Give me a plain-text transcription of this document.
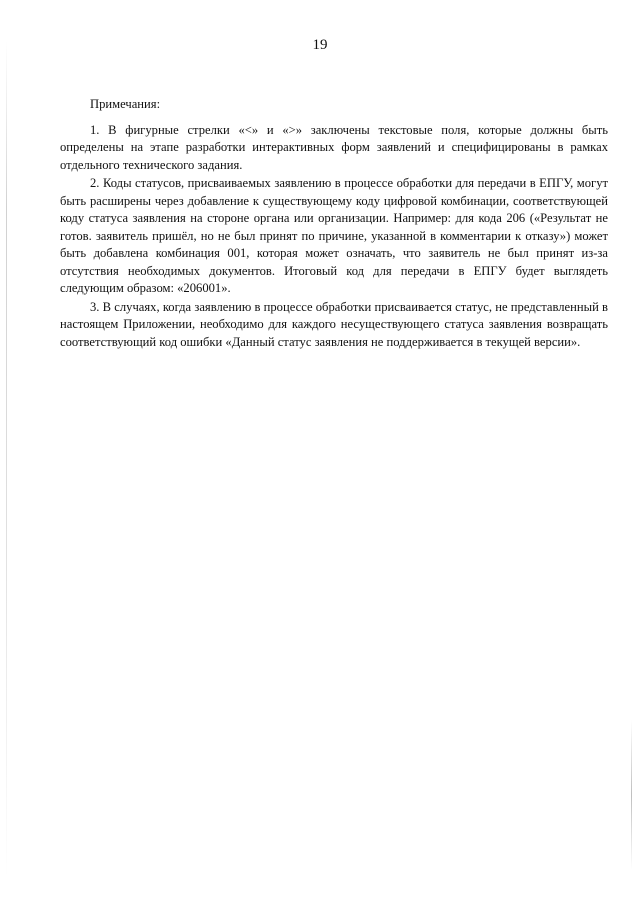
19

Примечания:

1. В фигурные стрелки «<» и «>» заключены текстовые поля, которые должны быть определены на этапе разработки интерактивных форм заявлений и специфицированы в рамках отдельного технического задания.

2. Коды статусов, присваиваемых заявлению в процессе обработки для передачи в ЕПГУ, могут быть расширены через добавление к существующему коду цифровой комбинации, соответствующей коду статуса заявления на стороне органа или организации. Например: для кода 206 («Результат не готов. заявитель пришёл, но не был принят по причине, указанной в комментарии к отказу») может быть добавлена комбинация 001, которая может означать, что заявитель не был принят из-за отсутствия необходимых документов. Итоговый код для передачи в ЕПГУ будет выглядеть следующим образом: «206001».

3. В случаях, когда заявлению в процессе обработки присваивается статус, не представленный в настоящем Приложении, необходимо для каждого несуществующего статуса заявления возвращать соответствующий код ошибки «Данный статус заявления не поддерживается в текущей версии».
